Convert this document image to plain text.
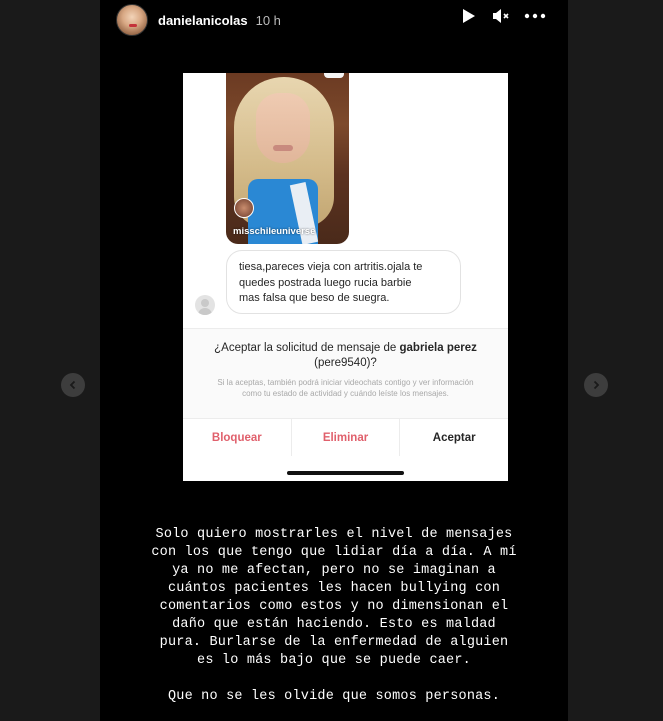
danielanicolas 10 h
misschileuniverse
tiesa,pareces vieja con artritis.ojala te
quedes postrada luego rucia barbie
mas falsa que beso de suegra.
¿Aceptar la solicitud de mensaje de gabriela perez
(pere9540)?
Si la aceptas, también podrá iniciar videochats contigo y ver información como tu estado de actividad y cuándo leíste los mensajes.
Bloquear	Eliminar	Aceptar
Solo quiero mostrarles el nivel de mensajes
con los que tengo que lidiar día a día. A mí
ya no me afectan, pero no se imaginan a
cuántos pacientes les hacen bullying con
comentarios como estos y no dimensionan el
daño que están haciendo. Esto es maldad
pura. Burlarse de la enfermedad de alguien
es lo más bajo que se puede caer.
Que no se les olvide que somos personas.
